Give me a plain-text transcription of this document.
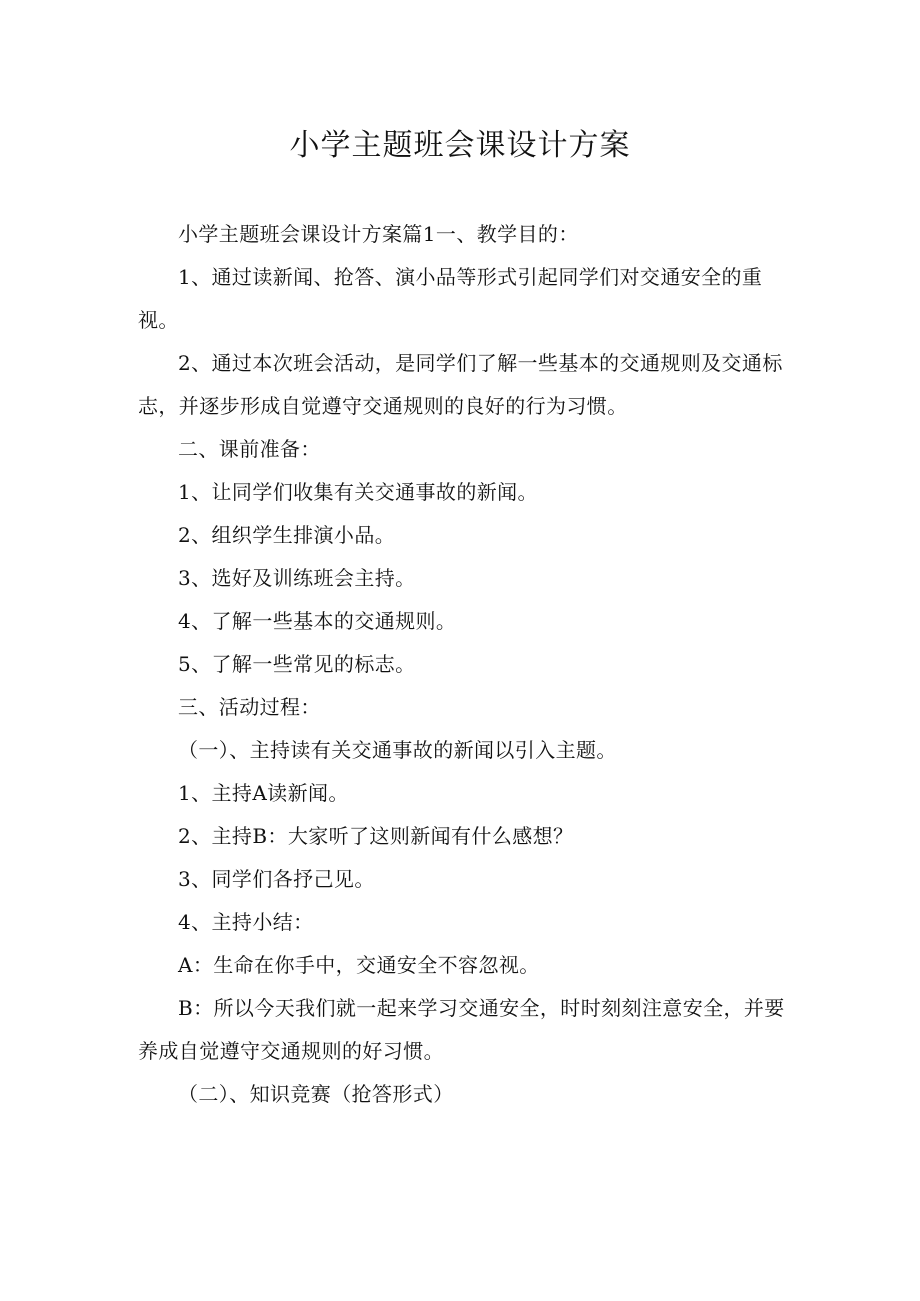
小学主题班会课设计方案

小学主题班会课设计方案篇1一、教学目的：

1、通过读新闻、抢答、演小品等形式引起同学们对交通安全的重视。

2、通过本次班会活动，是同学们了解一些基本的交通规则及交通标志，并逐步形成自觉遵守交通规则的良好的行为习惯。

二、课前准备：

1、让同学们收集有关交通事故的新闻。

2、组织学生排演小品。

3、选好及训练班会主持。

4、了解一些基本的交通规则。

5、了解一些常见的标志。

三、活动过程：

（一）、主持读有关交通事故的新闻以引入主题。

1、主持A读新闻。

2、主持B：大家听了这则新闻有什么感想？

3、同学们各抒己见。

4、主持小结：

A：生命在你手中，交通安全不容忽视。

B：所以今天我们就一起来学习交通安全，时时刻刻注意安全，并要养成自觉遵守交通规则的好习惯。

（二）、知识竞赛（抢答形式）
